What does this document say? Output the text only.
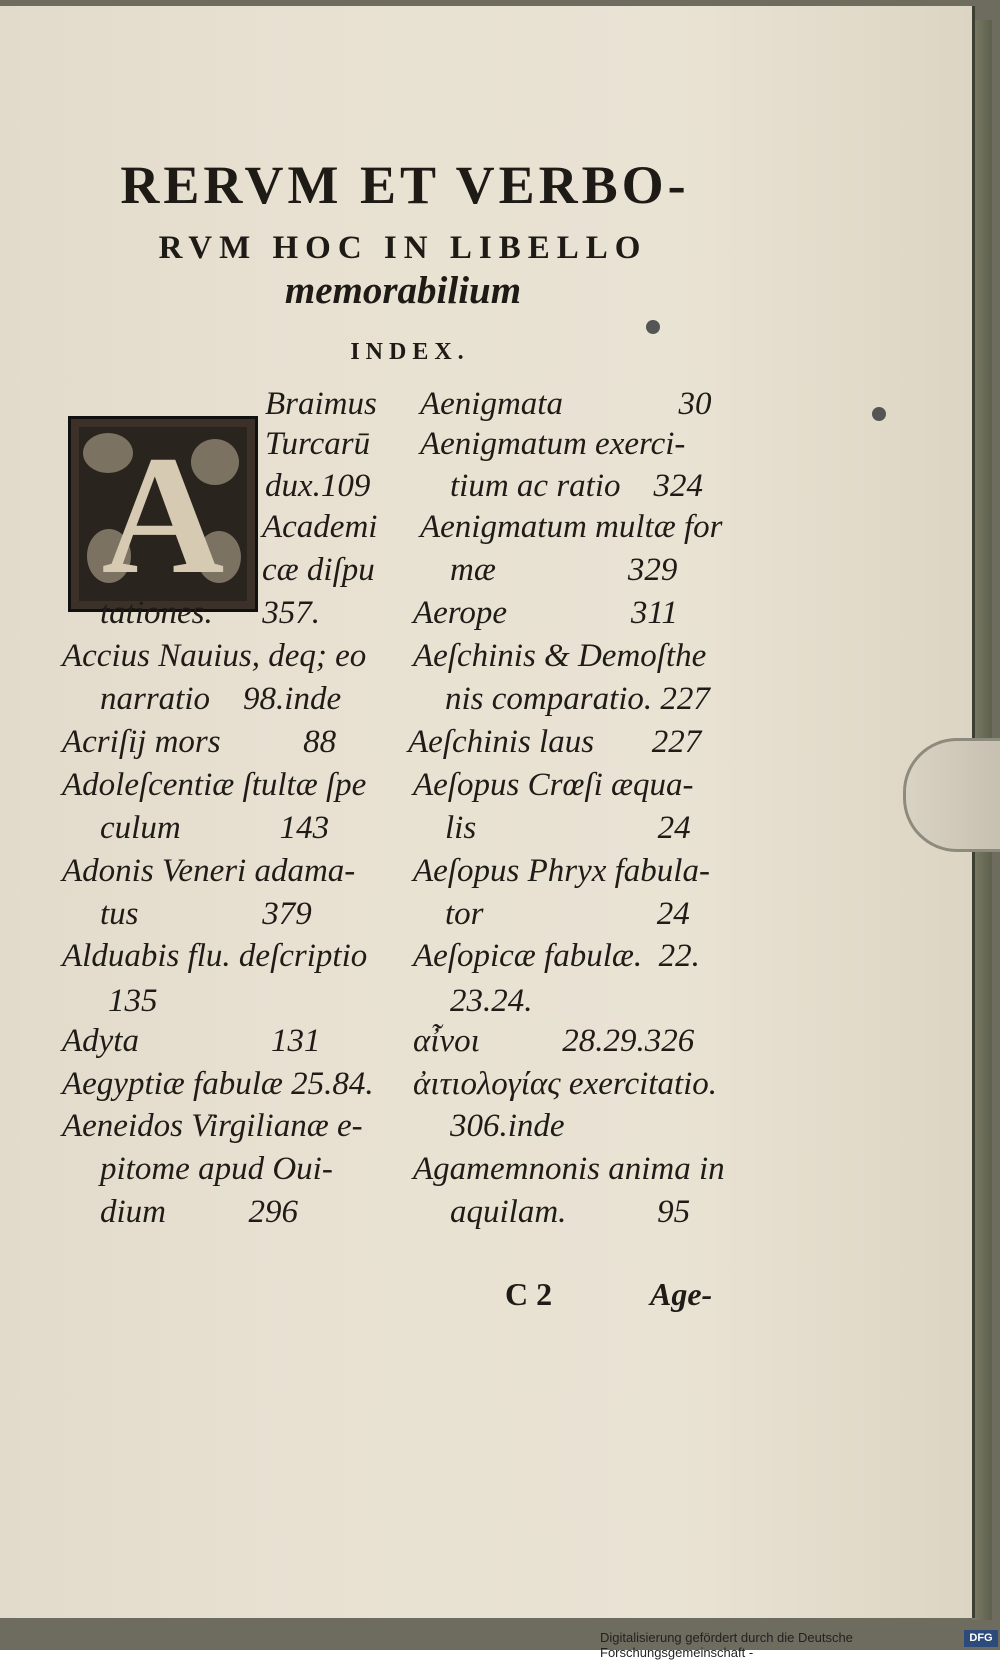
RERVM ET VERBO-
RVM HOC IN LIBELLO
memorabilium
INDEX.
A
Braimus
Turcarū
dux.109
Academi
cæ diſpu
tationes.      357.
Accius Nauius, deq; eo
narratio    98.inde
Acriſij mors          88
Adoleſcentiæ ſtultæ ſpe
culum            143
Adonis Veneri adama-
tus               379
Alduabis flu. deſcriptio
135
Adyta                131
Aegyptiæ fabulæ 25.84.
Aeneidos Virgilianæ e-
pitome apud Oui-
dium          296
Aenigmata              30
Aenigmatum exerci-
tium ac ratio    324
Aenigmatum multæ for
mæ                329
Aerope               311
Aeſchinis & Demoſthe
nis comparatio. 227
Aeſchinis laus       227
Aeſopus Crœſi æqua-
lis                      24
Aeſopus Phryx fabula-
tor                     24
Aeſopicæ fabulæ.  22.
23.24.
αἶνοι          28.29.326
ἀιτιολογίας exercitatio.
306.inde
Agamemnonis anima in
aquilam.           95
C 2	Age-
Digitalisierung gefördert durch die Deutsche Forschungsgemeinschaft -
DFG
